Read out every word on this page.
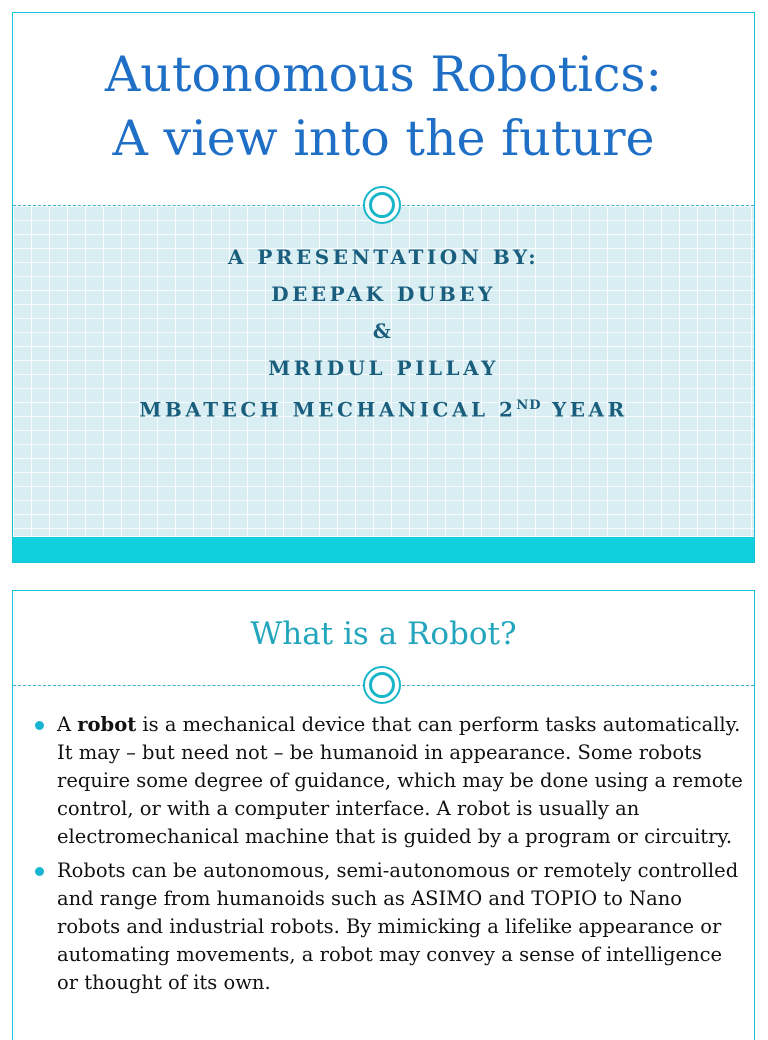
Autonomous Robotics:
A view into the future
A PRESENTATION BY:
DEEPAK DUBEY
&
MRIDUL PILLAY
MBATECH MECHANICAL 2ND YEAR
What is a Robot?
A robot is a mechanical device that can perform tasks automatically. It may – but need not – be humanoid in appearance. Some robots require some degree of guidance, which may be done using a remote control, or with a computer interface. A robot is usually an electromechanical machine that is guided by a program or circuitry.
Robots can be autonomous, semi-autonomous or remotely controlled and range from humanoids such as ASIMO and TOPIO to Nano robots and industrial robots. By mimicking a lifelike appearance or automating movements, a robot may convey a sense of intelligence or thought of its own.
